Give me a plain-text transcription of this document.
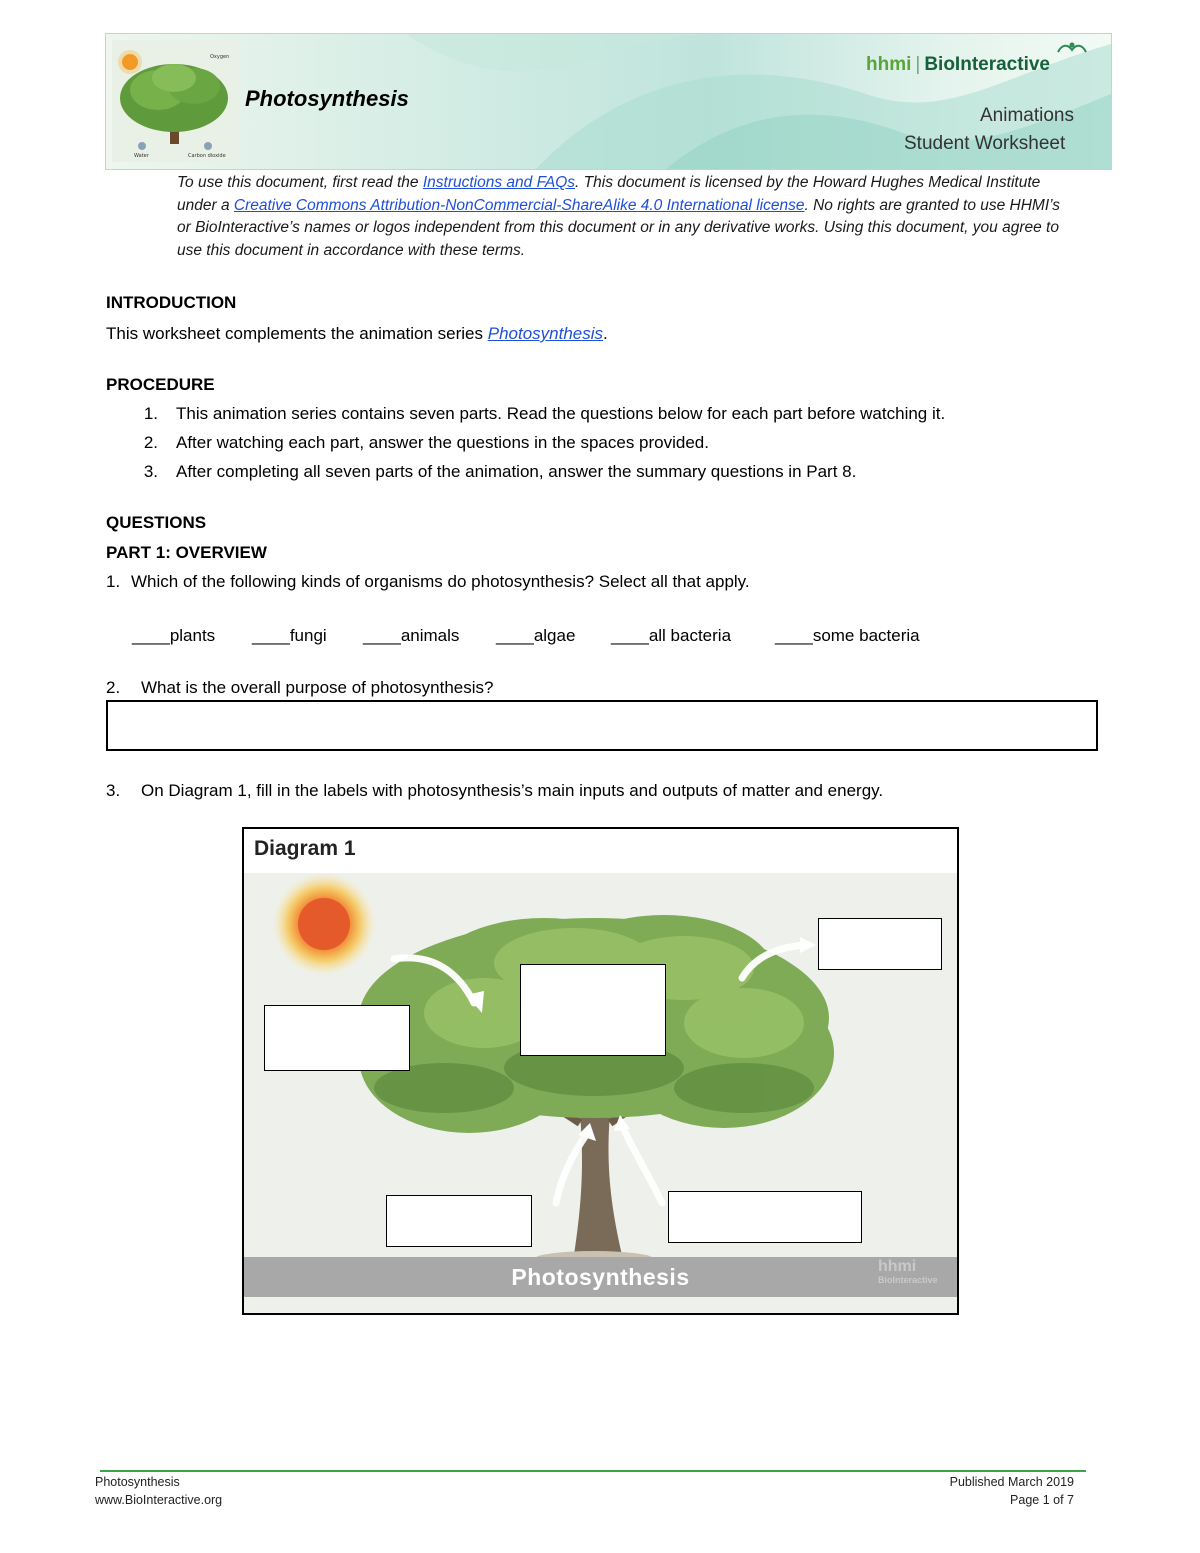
Oxygen
Water	Carbon dioxide
Photosynthesis
hhmi | BioInteractive
Animations
Student Worksheet
To use this document, first read the Instructions and FAQs. This document is licensed by the Howard Hughes Medical Institute under a Creative Commons Attribution-NonCommercial-ShareAlike 4.0 International license. No rights are granted to use HHMI’s or BioInteractive’s names or logos independent from this document or in any derivative works. Using this document, you agree to use this document in accordance with these terms.
INTRODUCTION
This worksheet complements the animation series Photosynthesis.
PROCEDURE
1. This animation series contains seven parts. Read the questions below for each part before watching it.
2. After watching each part, answer the questions in the spaces provided.
3. After completing all seven parts of the animation, answer the summary questions in Part 8.
QUESTIONS
PART 1: OVERVIEW
1. Which of the following kinds of organisms do photosynthesis? Select all that apply.
____plants ____fungi ____animals ____algae ____all bacteria	____some bacteria
2. What is the overall purpose of photosynthesis?
3. On Diagram 1, fill in the labels with photosynthesis’s main inputs and outputs of matter and energy.
Diagram 1
Photosynthesis	hhmi
BioInteractive
Photosynthesis
www.BioInteractive.org
Published March 2019
Page 1 of 7
